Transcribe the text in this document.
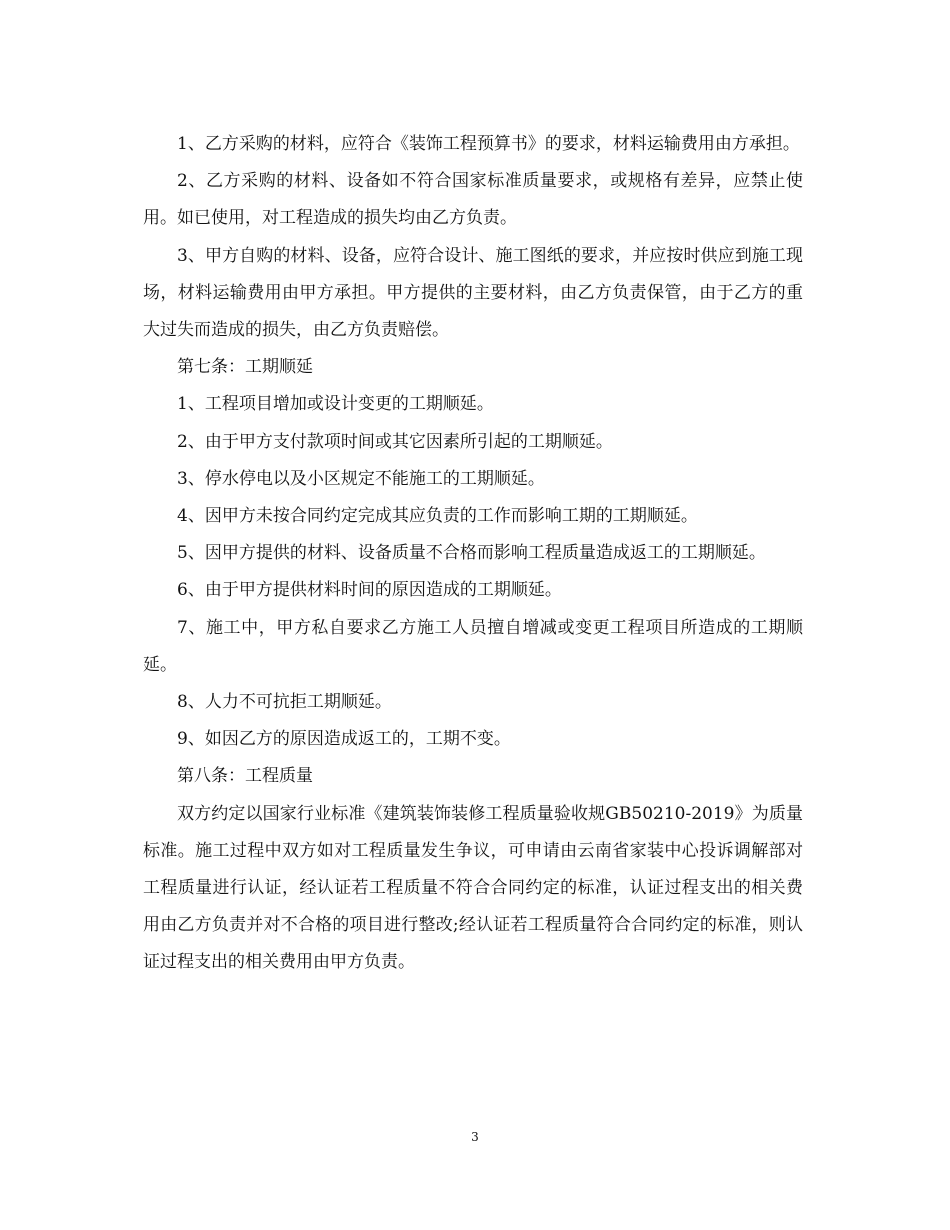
1、乙方采购的材料，应符合《装饰工程预算书》的要求，材料运输费用由方承担。

2、乙方采购的材料、设备如不符合国家标准质量要求，或规格有差异，应禁止使用。如已使用，对工程造成的损失均由乙方负责。

3、甲方自购的材料、设备，应符合设计、施工图纸的要求，并应按时供应到施工现场，材料运输费用由甲方承担。甲方提供的主要材料，由乙方负责保管，由于乙方的重大过失而造成的损失，由乙方负责赔偿。

第七条：工期顺延

1、工程项目增加或设计变更的工期顺延。

2、由于甲方支付款项时间或其它因素所引起的工期顺延。

3、停水停电以及小区规定不能施工的工期顺延。

4、因甲方未按合同约定完成其应负责的工作而影响工期的工期顺延。

5、因甲方提供的材料、设备质量不合格而影响工程质量造成返工的工期顺延。

6、由于甲方提供材料时间的原因造成的工期顺延。

7、施工中，甲方私自要求乙方施工人员擅自增减或变更工程项目所造成的工期顺延。

8、人力不可抗拒工期顺延。

9、如因乙方的原因造成返工的，工期不变。

第八条：工程质量

双方约定以国家行业标准《建筑装饰装修工程质量验收规GB50210-2019》为质量标准。施工过程中双方如对工程质量发生争议，可申请由云南省家装中心投诉调解部对工程质量进行认证，经认证若工程质量不符合合同约定的标准，认证过程支出的相关费用由乙方负责并对不合格的项目进行整改;经认证若工程质量符合合同约定的标准，则认证过程支出的相关费用由甲方负责。

3
